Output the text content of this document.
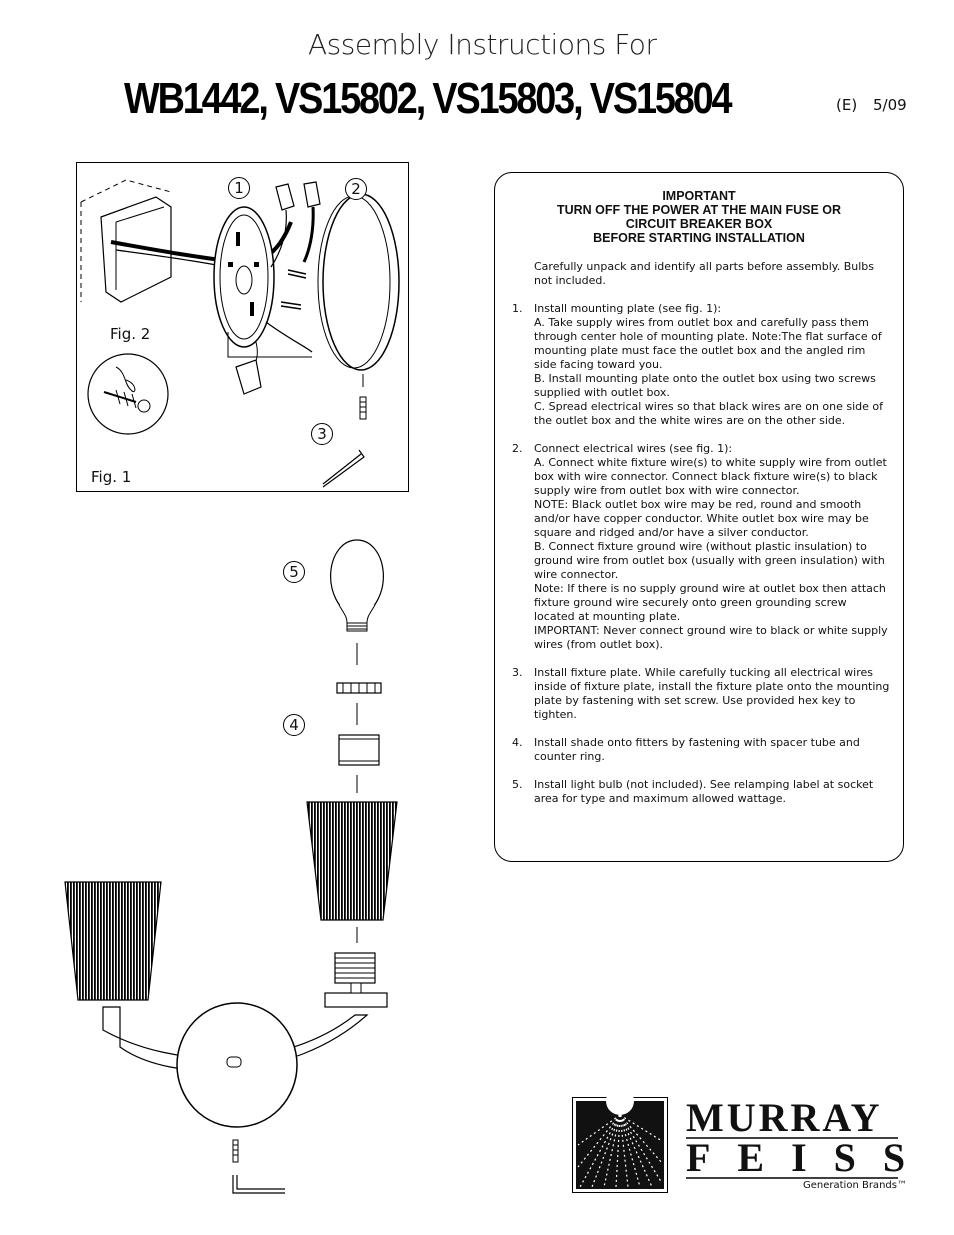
Assembly Instructions For
WB1442, VS15802, VS15803, VS15804	(E) 5/09
Fig. 2
Fig. 1
1	2
3
5
4
IMPORTANT
TURN OFF THE POWER AT THE MAIN FUSE OR
CIRCUIT BREAKER BOX
BEFORE STARTING INSTALLATION
Carefully unpack and identify all parts before assembly. Bulbs not included.
1.	Install mounting plate (see fig. 1):
A. Take supply wires from outlet box and carefully pass them through center hole of mounting plate. Note:The flat surface of mounting plate must face the outlet box and the angled rim side facing toward you.
B. Install mounting plate onto the outlet box using two screws supplied with outlet box.
C. Spread electrical wires so that black wires are on one side of the outlet box and the white wires are on the other side.
2.	Connect electrical wires (see fig. 1):
A. Connect white fixture wire(s) to white supply wire from outlet box with wire connector. Connect black fixture wire(s) to black supply wire from outlet box with wire connector.
NOTE: Black outlet box wire may be red, round and smooth and/or have copper conductor. White outlet box wire may be square and ridged and/or have a silver conductor.
B. Connect fixture ground wire (without plastic insulation) to ground wire from outlet box (usually with green insulation) with wire connector.
Note: If there is no supply ground wire at outlet box then attach fixture ground wire securely onto green grounding screw located at mounting plate.
IMPORTANT: Never connect ground wire to black or white supply wires (from outlet box).
3.	Install fixture plate. While carefully tucking all electrical wires inside of fixture plate, install the fixture plate onto the mounting plate by fastening with set screw. Use provided hex key to tighten.
4.	Install shade onto fitters by fastening with spacer tube and counter ring.
5.	Install light bulb (not included). See relamping label at socket area for type and maximum allowed wattage.
MURRAY
FEISS
Generation Brands™
